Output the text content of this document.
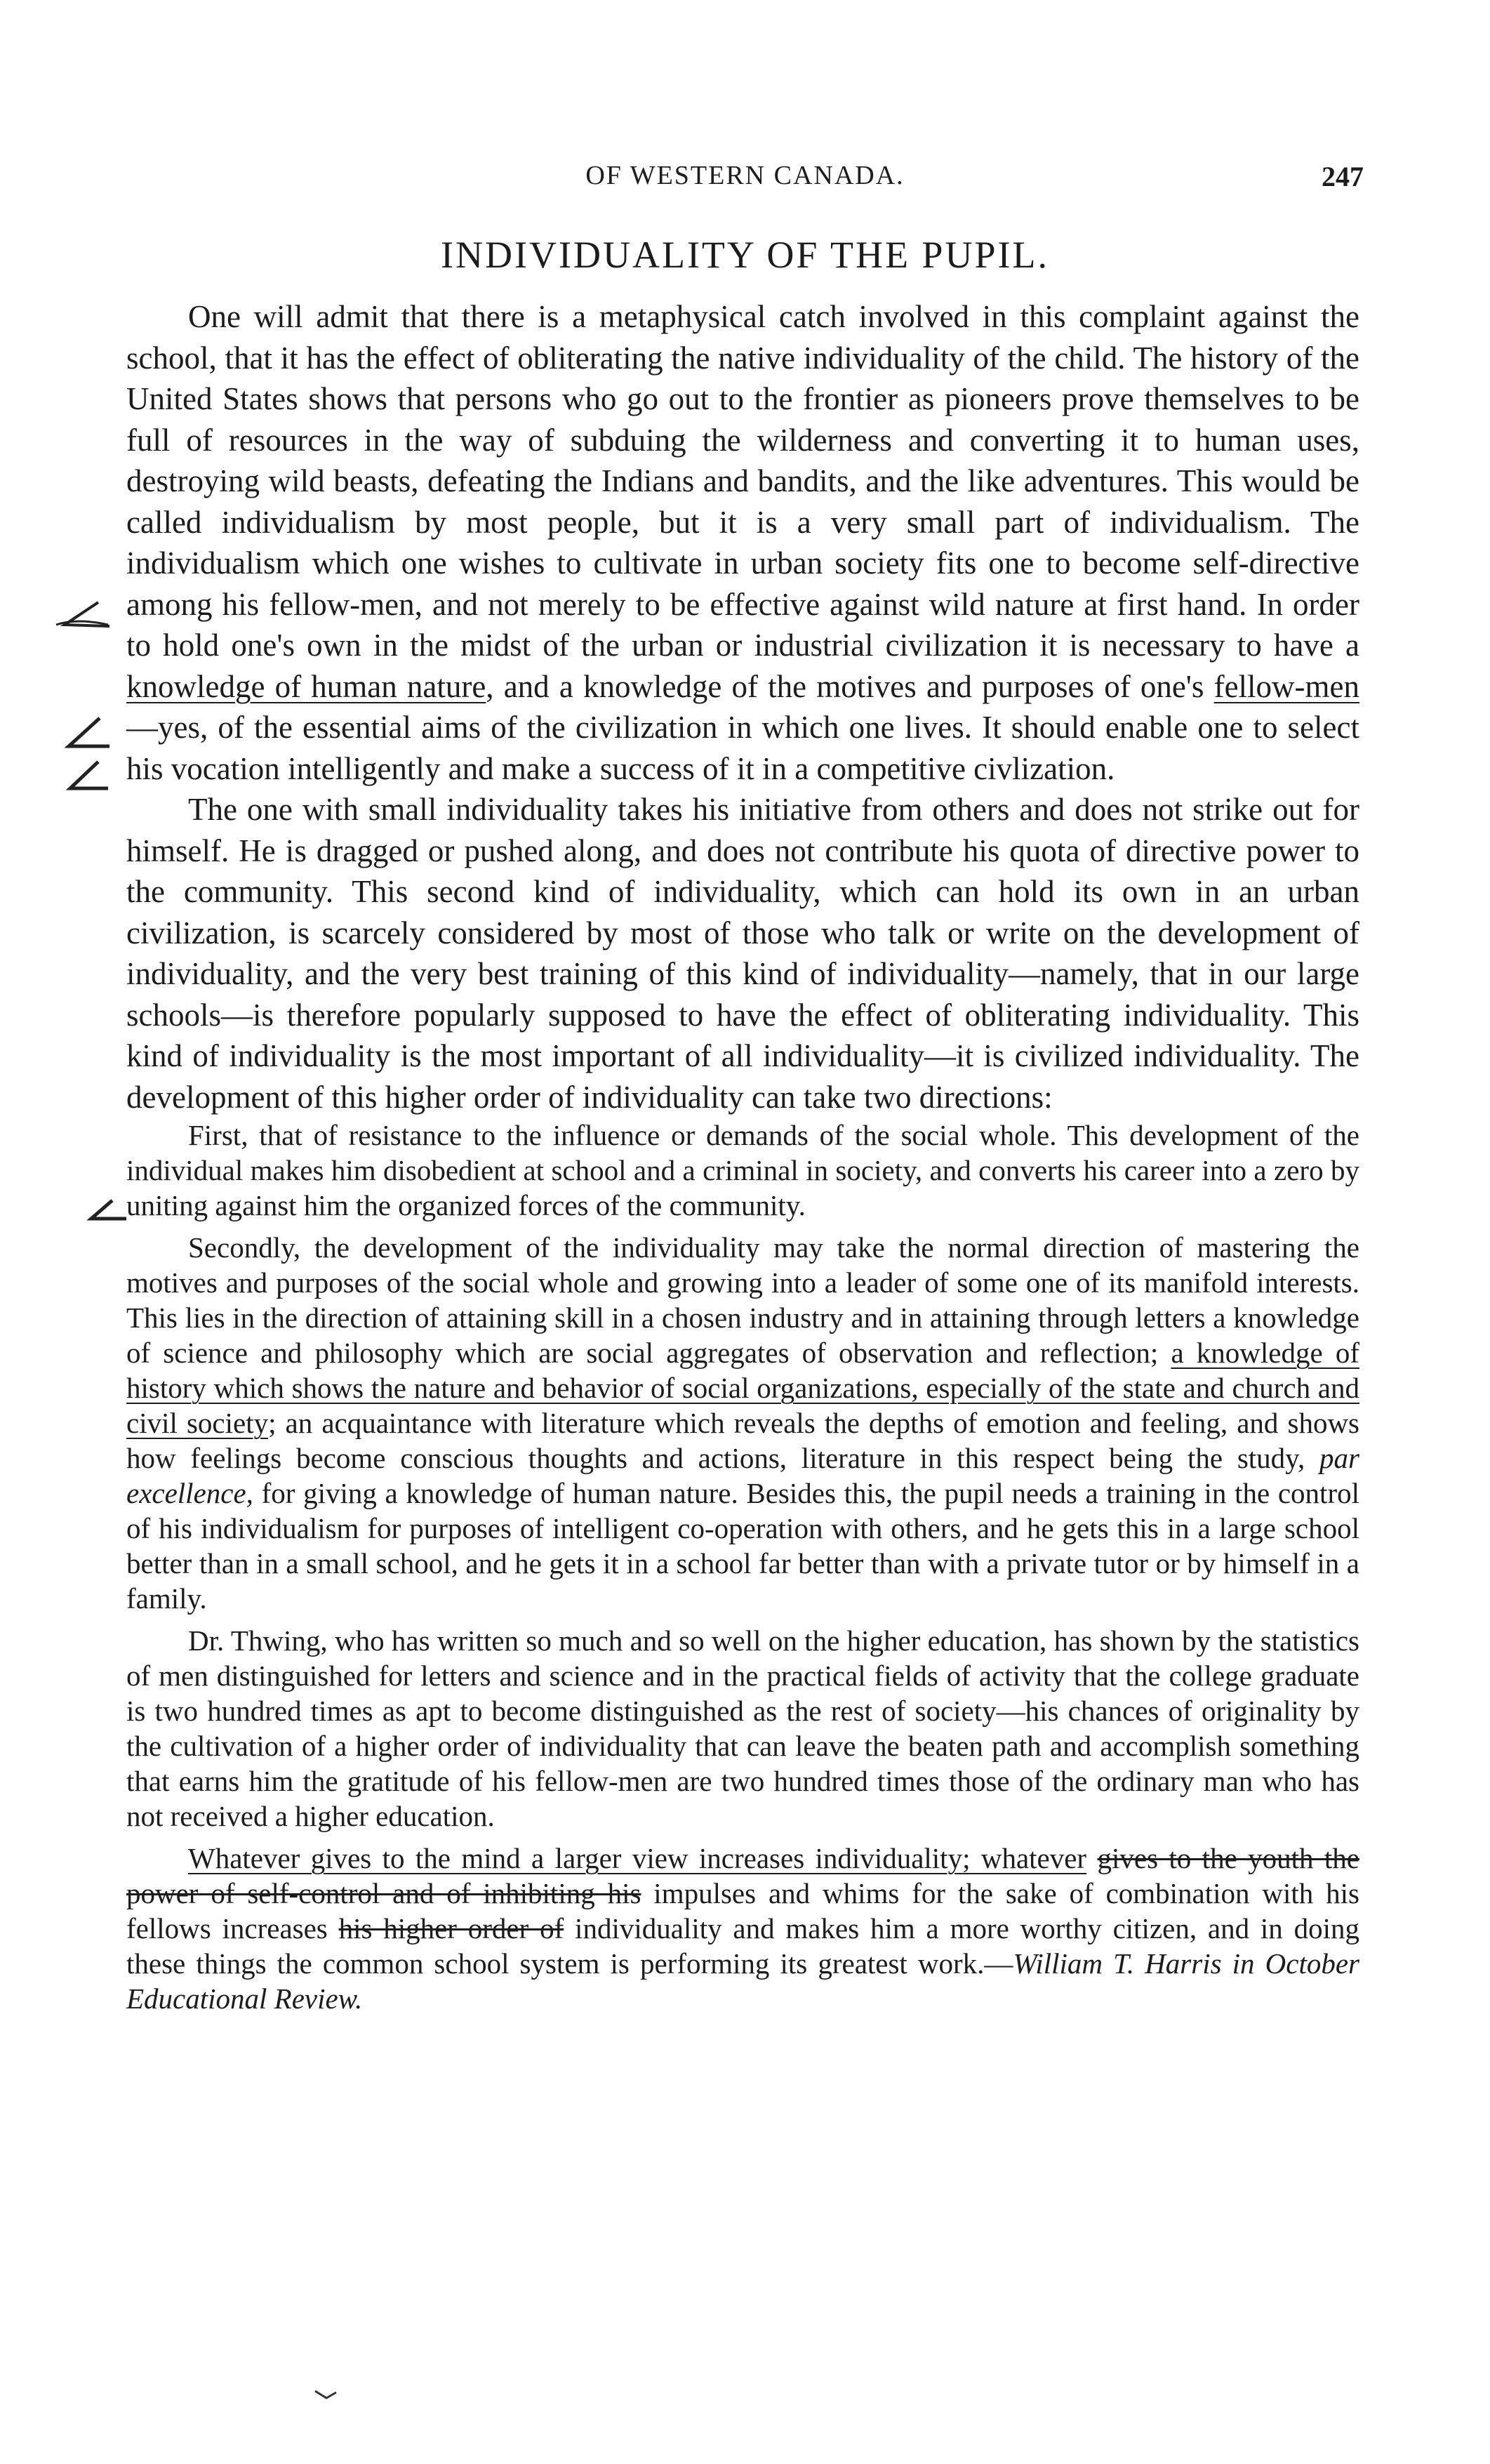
OF WESTERN CANADA.	247
INDIVIDUALITY OF THE PUPIL.

One will admit that there is a metaphysical catch involved in this complaint against the school, that it has the effect of obliterating the native individuality of the child. The history of the United States shows that persons who go out to the frontier as pioneers prove themselves to be full of resources in the way of subduing the wilderness and converting it to human uses, destroying wild beasts, defeating the Indians and bandits, and the like adventures. This would be called individualism by most people, but it is a very small part of individualism. The individualism which one wishes to cultivate in urban society fits one to become self-directive among his fellow-men, and not merely to be effective against wild nature at first hand. In order to hold one's own in the midst of the urban or industrial civilization it is necessary to have a knowledge of human nature, and a knowledge of the motives and purposes of one's fellow-men—yes, of the essential aims of the civilization in which one lives. It should enable one to select his vocation intelligently and make a success of it in a competitive civlization.

The one with small individuality takes his initiative from others and does not strike out for himself. He is dragged or pushed along, and does not contribute his quota of directive power to the community. This second kind of individuality, which can hold its own in an urban civilization, is scarcely considered by most of those who talk or write on the development of individuality, and the very best training of this kind of individuality—namely, that in our large schools—is therefore popularly supposed to have the effect of obliterating individuality. This kind of individuality is the most important of all individuality—it is civilized individuality. The development of this higher order of individuality can take two directions:

First, that of resistance to the influence or demands of the social whole. This development of the individual makes him disobedient at school and a criminal in society, and converts his career into a zero by uniting against him the organized forces of the community.

Secondly, the development of the individuality may take the normal direction of mastering the motives and purposes of the social whole and growing into a leader of some one of its manifold interests. This lies in the direction of attaining skill in a chosen industry and in attaining through letters a knowledge of science and philosophy which are social aggregates of observation and reflection; a knowledge of history which shows the nature and behavior of social organizations, especially of the state and church and civil society; an acquaintance with literature which reveals the depths of emotion and feeling, and shows how feelings become conscious thoughts and actions, literature in this respect being the study, par excellence, for giving a knowledge of human nature. Besides this, the pupil needs a training in the control of his individualism for purposes of intelligent co-operation with others, and he gets this in a large school better than in a small school, and he gets it in a school far better than with a private tutor or by himself in a family.

Dr. Thwing, who has written so much and so well on the higher education, has shown by the statistics of men distinguished for letters and science and in the practical fields of activity that the college graduate is two hundred times as apt to become distinguished as the rest of society—his chances of originality by the cultivation of a higher order of individuality that can leave the beaten path and accomplish something that earns him the gratitude of his fellow-men are two hundred times those of the ordinary man who has not received a higher education.

Whatever gives to the mind a larger view increases individuality; whatever gives to the youth the power of self-control and of inhibiting his impulses and whims for the sake of combination with his fellows increases his higher order of individuality and makes him a more worthy citizen, and in doing these things the common school system is performing its greatest work.—William T. Harris in October Educational Review.
